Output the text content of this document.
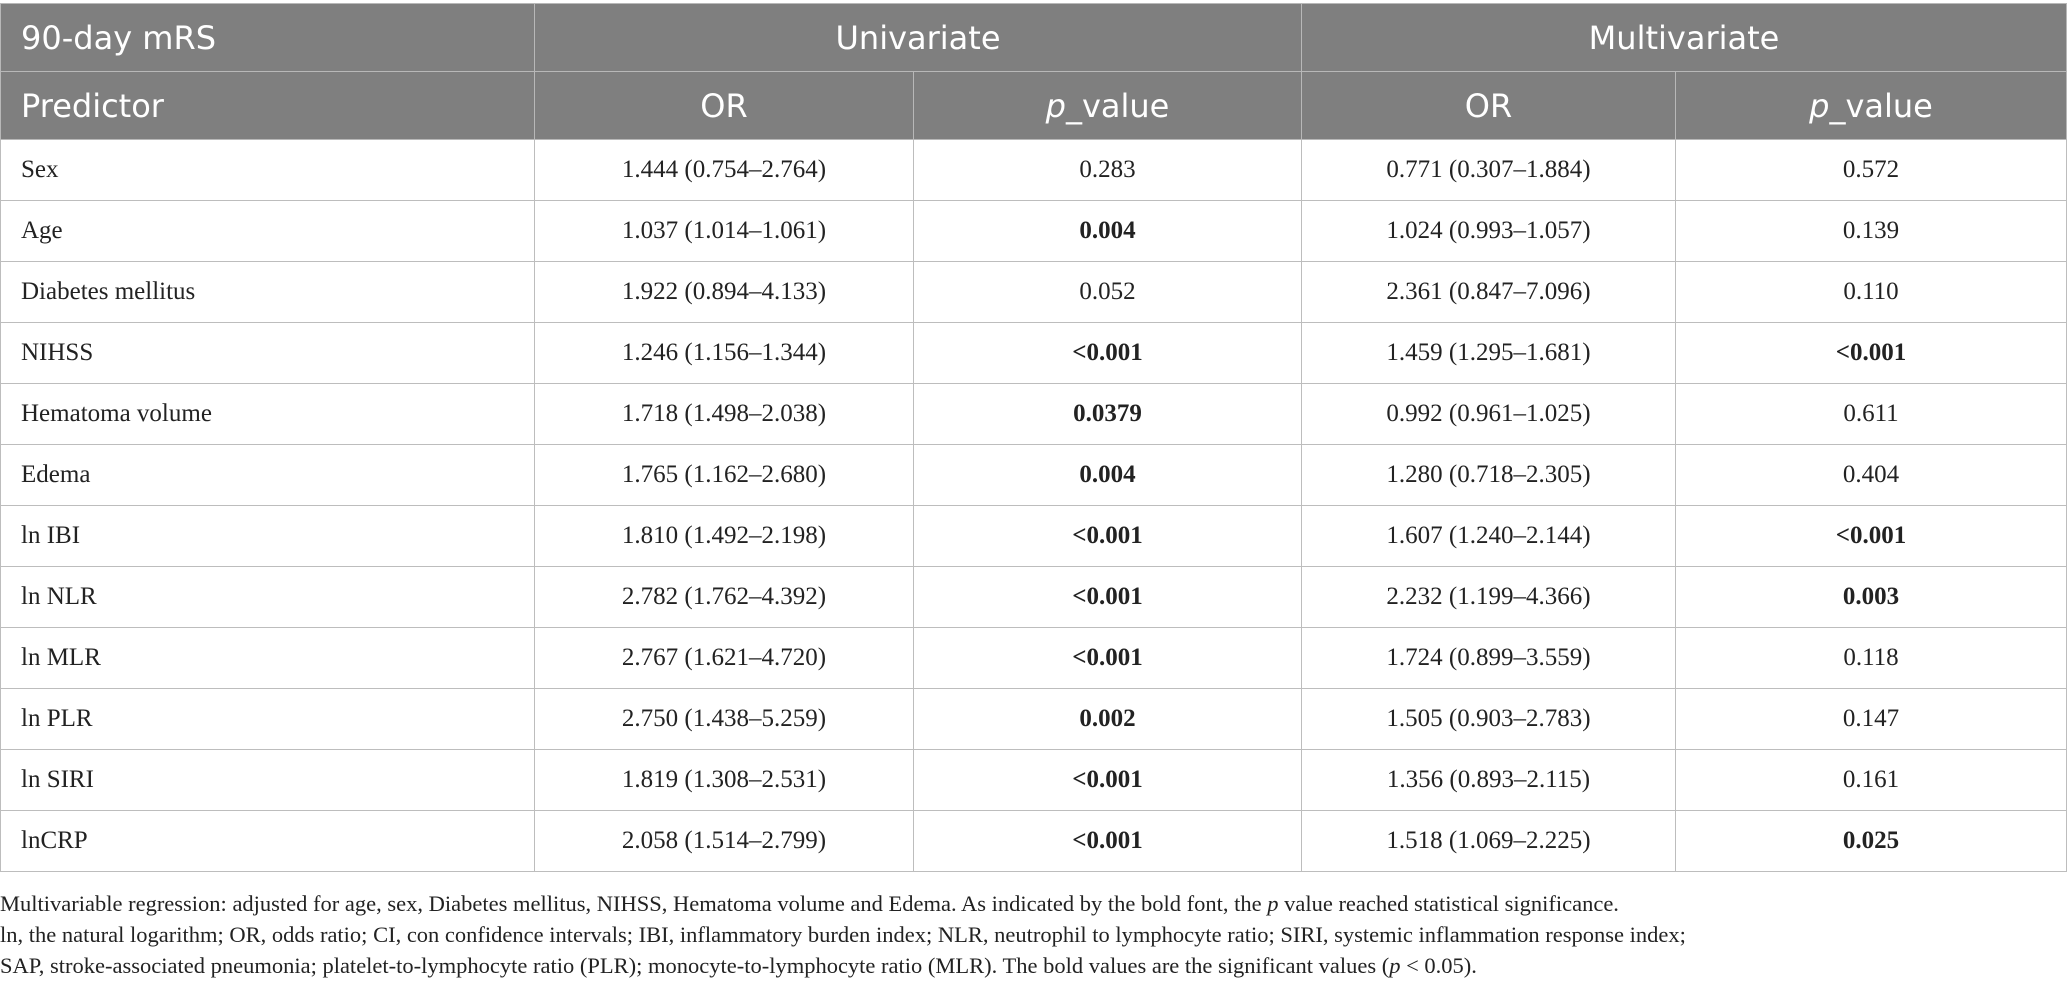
90-day mRS	Univariate		Multivariate	
Predictor	OR	p_value	OR	p_value
Sex	1.444 (0.754–2.764)	0.283	0.771 (0.307–1.884)	0.572
Age	1.037 (1.014–1.061)	0.004	1.024 (0.993–1.057)	0.139
Diabetes mellitus	1.922 (0.894–4.133)	0.052	2.361 (0.847–7.096)	0.110
NIHSS	1.246 (1.156–1.344)	<0.001	1.459 (1.295–1.681)	<0.001
Hematoma volume	1.718 (1.498–2.038)	0.0379	0.992 (0.961–1.025)	0.611
Edema	1.765 (1.162–2.680)	0.004	1.280 (0.718–2.305)	0.404
ln IBI	1.810 (1.492–2.198)	<0.001	1.607 (1.240–2.144)	<0.001
ln NLR	2.782 (1.762–4.392)	<0.001	2.232 (1.199–4.366)	0.003
ln MLR	2.767 (1.621–4.720)	<0.001	1.724 (0.899–3.559)	0.118
ln PLR	2.750 (1.438–5.259)	0.002	1.505 (0.903–2.783)	0.147
ln SIRI	1.819 (1.308–2.531)	<0.001	1.356 (0.893–2.115)	0.161
lnCRP	2.058 (1.514–2.799)	<0.001	1.518 (1.069–2.225)	0.025

Multivariable regression: adjusted for age, sex, Diabetes mellitus, NIHSS, Hematoma volume and Edema. As indicated by the bold font, the p value reached statistical significance.

ln, the natural logarithm; OR, odds ratio; CI, con confidence intervals; IBI, inflammatory burden index; NLR, neutrophil to lymphocyte ratio; SIRI, systemic inflammation response index;

SAP, stroke-associated pneumonia; platelet-to-lymphocyte ratio (PLR); monocyte-to-lymphocyte ratio (MLR). The bold values are the significant values (p < 0.05).
